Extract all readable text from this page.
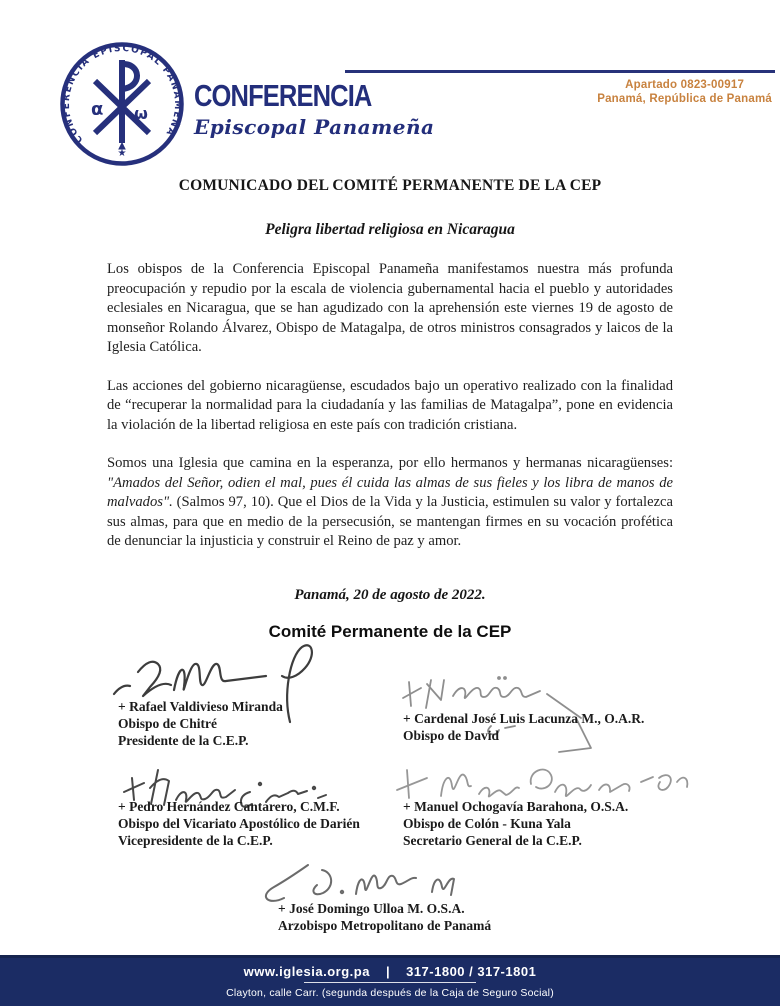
CONFERENCIA EPISCOPAL PANAMEÑA
α ω
★
CONFERENCIA
Episcopal Panameña
Apartado 0823-00917
Panamá, República de Panamá
COMUNICADO DEL COMITÉ PERMANENTE DE LA CEP
Peligra libertad religiosa en Nicaragua

Los obispos de la Conferencia Episcopal Panameña manifestamos nuestra más profunda preocupación y repudio por la escala de violencia gubernamental hacia el pueblo y autoridades eclesiales en Nicaragua, que se han agudizado con la aprehensión este viernes 19 de agosto de monseñor Rolando Álvarez, Obispo de Matagalpa, de otros ministros consagrados y laicos de la Iglesia Católica.

Las acciones del gobierno nicaragüense, escudados bajo un operativo realizado con la finalidad de “recuperar la normalidad para la ciudadanía y las familias de Matagalpa”, pone en evidencia la violación de la libertad religiosa en este país con tradición cristiana.

Somos una Iglesia que camina en la esperanza, por ello hermanos y hermanas nicaragüenses: "Amados del Señor, odien el mal, pues él cuida las almas de sus fieles y los libra de manos de malvados". (Salmos 97, 10). Que el Dios de la Vida y la Justicia, estimulen su valor y fortalezca sus almas, para que en medio de la persecusión, se mantengan firmes en su vocación profética de denunciar la injusticia y construir el Reino de paz y amor.

Panamá, 20 de agosto de 2022.
Comité Permanente de la CEP
+ Rafael Valdivieso Miranda
Obispo de Chitré
Presidente de la C.E.P.
+ Cardenal José Luis Lacunza M., O.A.R.
Obispo de David
+ Pedro Hernández Cantarero, C.M.F.
Obispo del Vicariato Apostólico de Darién
Vicepresidente de la C.E.P.
+ Manuel Ochogavía Barahona, O.S.A.
Obispo de Colón - Kuna Yala
Secretario General de la C.E.P.
+ José Domingo Ulloa M. O.S.A.
Arzobispo Metropolitano de Panamá
www.iglesia.org.pa | 317-1800 / 317-1801
Clayton, calle Carr. (segunda después de la Caja de Seguro Social)
